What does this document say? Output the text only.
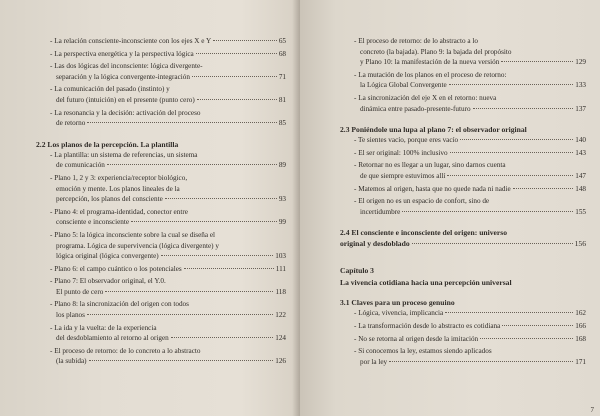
- La relación consciente-inconsciente con los ejes X e Y	65
- La perspectiva energética y la perspectiva lógica	68
- Las dos lógicas del inconsciente: lógica divergente-
separación y la lógica convergente-integración	71
- La comunicación del pasado (instinto) y
del futuro (intuición) en el presente (punto cero)	81
- La resonancia y la decisión: activación del proceso
de retorno	85
2.2 Los planos de la percepción. La plantilla
- La plantilla: un sistema de referencias, un sistema
de comunicación	89
- Plano 1, 2 y 3: experiencia/receptor biológico,
emoción y mente. Los planos lineales de la
percepción, los planos del consciente	93
- Plano 4: el programa-identidad, conector entre
consciente e inconsciente	99
- Plano 5: la lógica inconsciente sobre la cual se diseña el
programa. Lógica de supervivencia (lógica divergente) y
lógica original (lógica convergente)	103
- Plano 6: el campo cuántico o los potenciales	111
- Plano 7: El observador original, el Y.0.
El punto de cero	118
- Plano 8: la sincronización del origen con todos
los planos	122
- La ida y la vuelta: de la experiencia
del desdoblamiento al retorno al origen	124
- El proceso de retorno: de lo concreto a lo abstracto
(la subida)	126
- El proceso de retorno: de lo abstracto a lo
concreto (la bajada). Plano 9: la bajada del propósito
y Plano 10: la manifestación de la nueva versión	129
- La mutación de los planos en el proceso de retorno:
la Lógica Global Convergente	133
- La sincronización del eje X en el retorno: nueva
dinámica entre pasado-presente-futuro	137
2.3 Poniéndole una lupa al plano 7: el observador original
- Te sientes vacío, porque eres vacío	140
- El ser original: 100% inclusivo	143
- Retornar no es llegar a un lugar, sino darnos cuenta
de que siempre estuvimos allí	147
- Matemos al origen, hasta que no quede nada ni nadie	148
- El origen no es un espacio de confort, sino de
incertidumbre	155
2.4 El consciente e inconsciente del origen: universo
original y desdoblado	156
Capítulo 3
La vivencia cotidiana hacia una percepción universal
3.1 Claves para un proceso genuino
- Lógica, vivencia, implicancia	162
- La transformación desde lo abstracto es cotidiana	166
- No se retorna al origen desde la imitación	168
- Si conocemos la ley, estamos siendo aplicados
por la ley	171
7
